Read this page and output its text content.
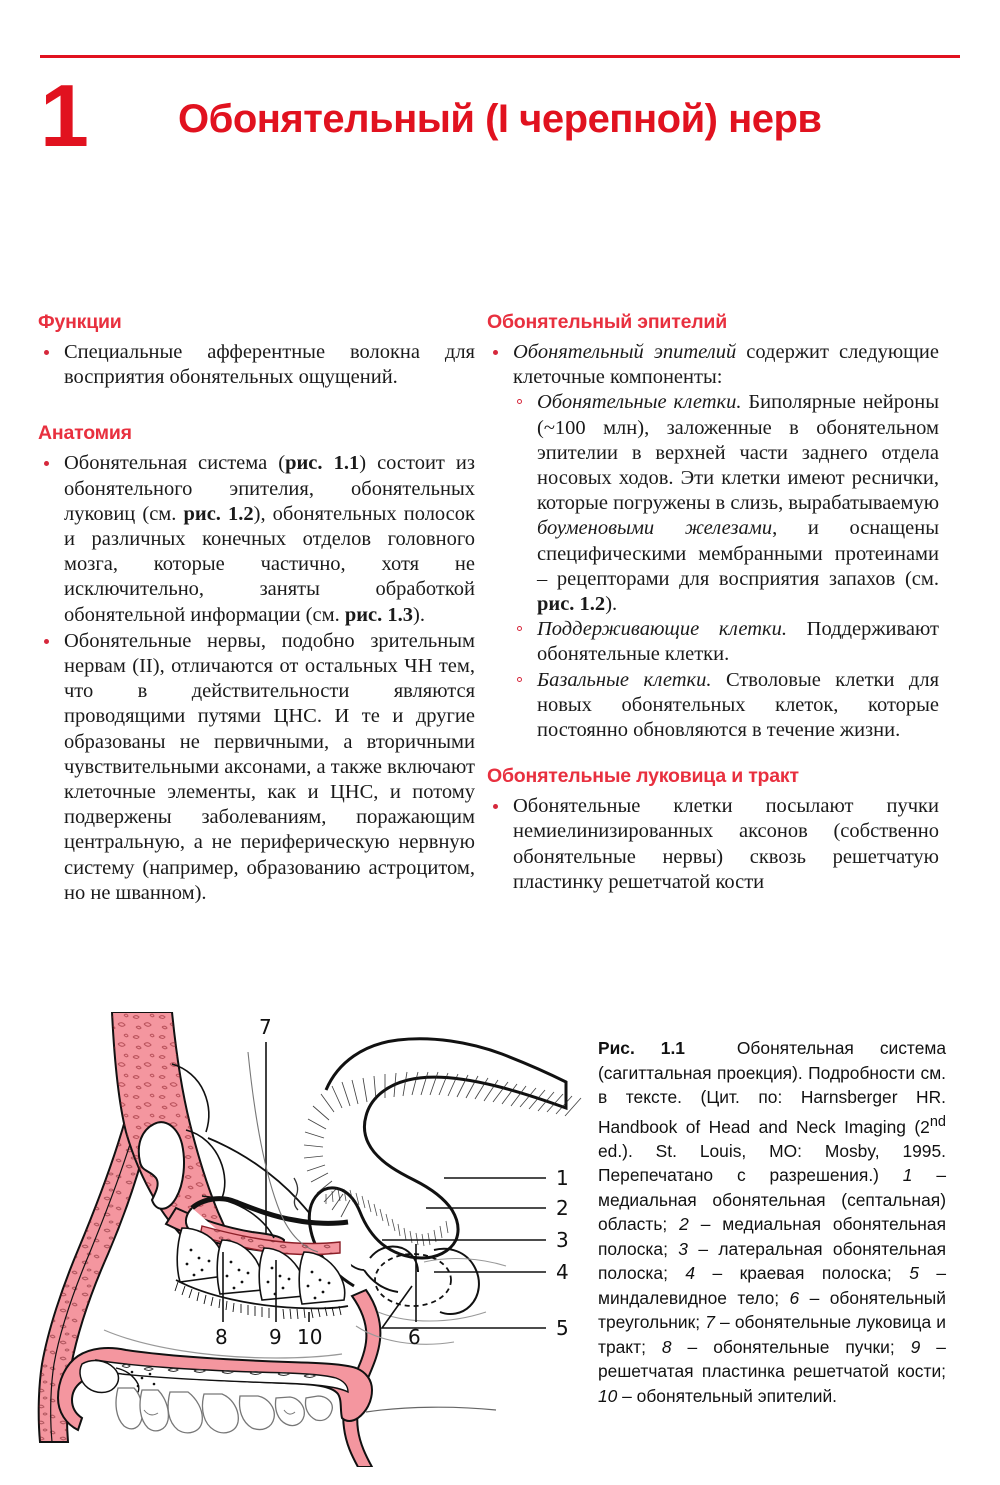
1 Обонятельный (I черепной) нерв
Функции
Специальные афферентные волокна для восприятия обонятельных ощущений.
Анатомия
Обонятельная система (рис. 1.1) состоит из обонятельного эпителия, обонятельных луковиц (см. рис. 1.2), обонятельных полосок и различных конечных отделов головного мозга, которые частично, хотя не исключительно, заняты обработкой обонятельной информации (см. рис. 1.3).
Обонятельные нервы, подобно зрительным нервам (II), отличаются от остальных ЧН тем, что в действительности являются проводящими путями ЦНС. И те и другие образованы не первичными, а вторичными чувствительными аксонами, а также включают клеточные элементы, как и ЦНС, и потому подвержены заболеваниям, поражающим центральную, а не периферическую нервную систему (например, образованию астроцитом, но не шванном).
Обонятельный эпителий
Обонятельный эпителий содержит следующие клеточные компоненты:
Обонятельные клетки. Биполярные нейроны (~100 млн), заложенные в обонятельном эпителии в верхней части заднего отдела носовых ходов. Эти клетки имеют реснички, которые погружены в слизь, вырабатываемую боуменовыми железами, и оснащены специфическими мембранными протеинами – рецепторами для восприятия запахов (см. рис. 1.2).
Поддерживающие клетки. Поддерживают обонятельные клетки.
Базальные клетки. Стволовые клетки для новых обонятельных клеток, которые постоянно обновляются в течение жизни.
Обонятельные луковица и тракт
Обонятельные клетки посылают пучки немиелинизированных аксонов (собственно обонятельные нервы) сквозь решетчатую пластинку решетчатой кости
1
2
3
4
5
7
8 9 10	6
Рис. 1.1	Обонятельная система (сагиттальная проекция). Подробности см. в тексте. (Цит. по: Harnsberger HR. Handbook of Head and Neck Imaging (2nd ed.). St. Louis, MO: Mosby, 1995. Перепечатано с разрешения.) 1 – медиальная обонятельная (септальная) область; 2 – медиальная обонятельная полоска; 3 – латеральная обонятельная полоска; 4 – краевая полоска; 5 – миндалевидное тело; 6 – обонятельный треугольник; 7 – обонятельные луковица и тракт; 8 – обонятельные пучки; 9 – решетчатая пластинка решетчатой кости; 10 – обонятельный эпителий.
